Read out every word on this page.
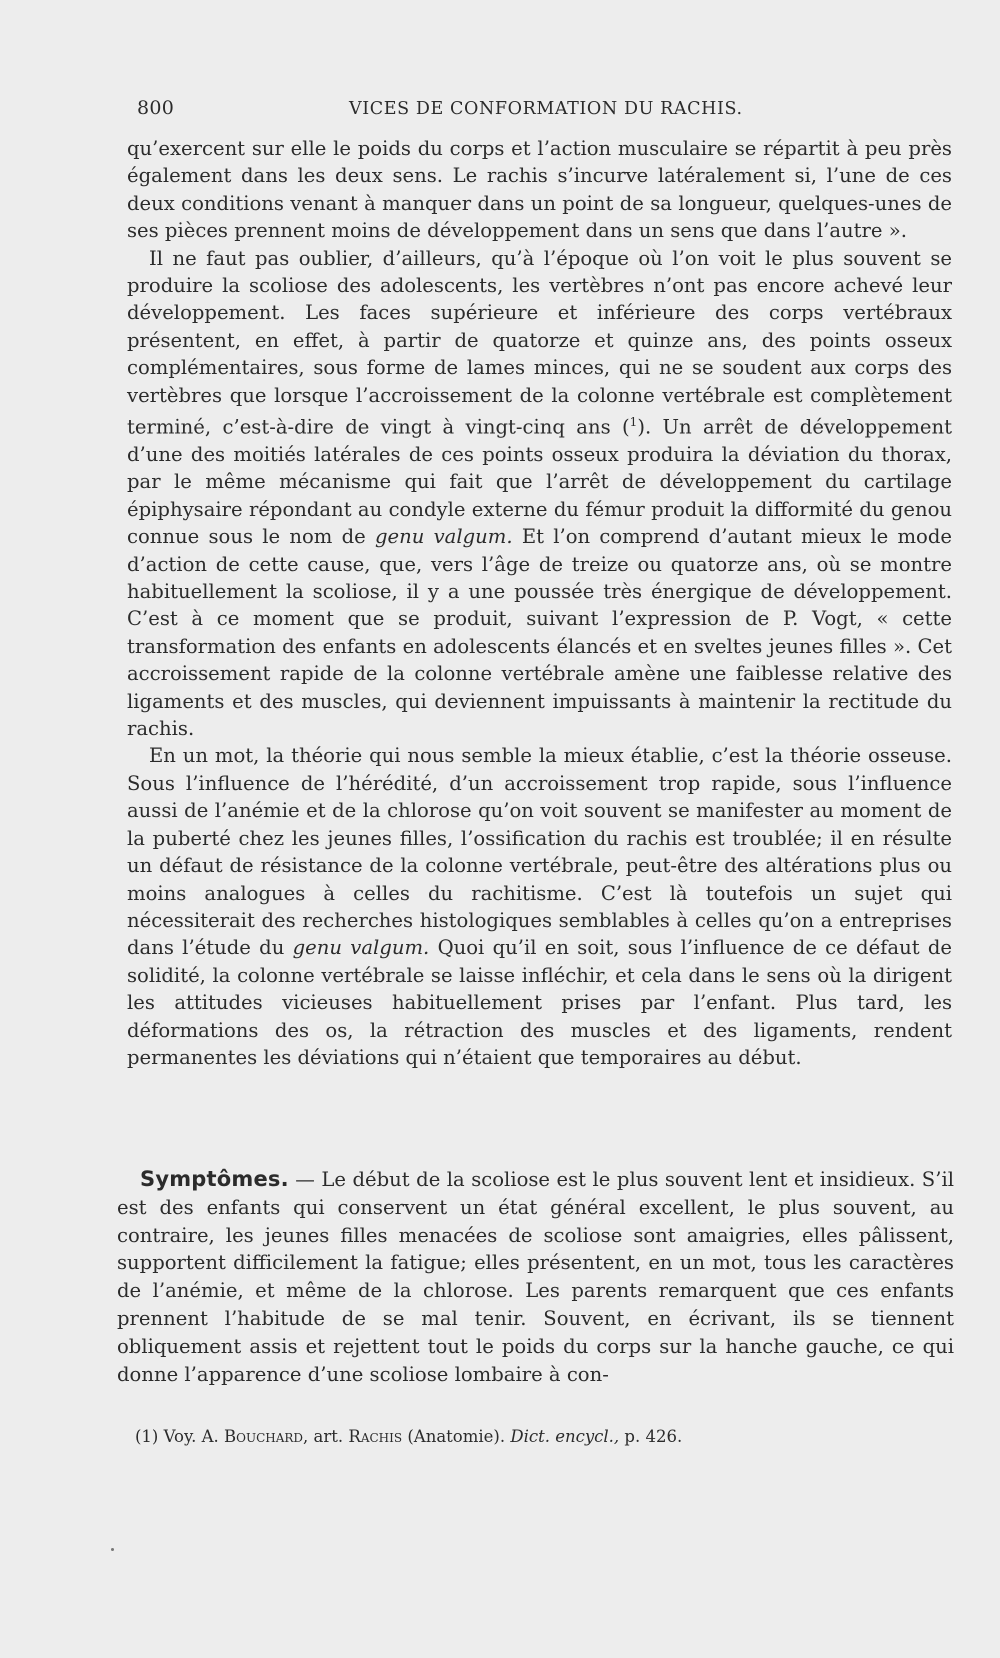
800	VICES DE CONFORMATION DU RACHIS.

qu’exercent sur elle le poids du corps et l’action musculaire se répartit à peu près également dans les deux sens. Le rachis s’incurve latéralement si, l’une de ces deux conditions venant à manquer dans un point de sa longueur, quelques-unes de ses pièces prennent moins de développement dans un sens que dans l’autre ».

Il ne faut pas oublier, d’ailleurs, qu’à l’époque où l’on voit le plus souvent se produire la scoliose des adolescents, les vertèbres n’ont pas encore achevé leur développement. Les faces supérieure et inférieure des corps vertébraux présentent, en effet, à partir de quatorze et quinze ans, des points osseux complémentaires, sous forme de lames minces, qui ne se soudent aux corps des vertèbres que lorsque l’accroissement de la colonne vertébrale est complètement terminé, c’est-à-dire de vingt à vingt-cinq ans ($^1$). Un arrêt de développement d’une des moitiés latérales de ces points osseux produira la déviation du thorax, par le même mécanisme qui fait que l’arrêt de développement du cartilage épiphysaire répondant au condyle externe du fémur produit la difformité du genou connue sous le nom de genu valgum. Et l’on comprend d’autant mieux le mode d’action de cette cause, que, vers l’âge de treize ou quatorze ans, où se montre habituellement la scoliose, il y a une poussée très énergique de développement. C’est à ce moment que se produit, suivant l’expression de P. Vogt, « cette transformation des enfants en adolescents élancés et en sveltes jeunes filles ». Cet accroissement rapide de la colonne vertébrale amène une faiblesse relative des ligaments et des muscles, qui deviennent impuissants à maintenir la rectitude du rachis.

En un mot, la théorie qui nous semble la mieux établie, c’est la théorie osseuse. Sous l’influence de l’hérédité, d’un accroissement trop rapide, sous l’influence aussi de l’anémie et de la chlorose qu’on voit souvent se manifester au moment de la puberté chez les jeunes filles, l’ossification du rachis est troublée; il en résulte un défaut de résistance de la colonne vertébrale, peut-être des altérations plus ou moins analogues à celles du rachitisme. C’est là toutefois un sujet qui nécessiterait des recherches histologiques semblables à celles qu’on a entreprises dans l’étude du genu valgum. Quoi qu’il en soit, sous l’influence de ce défaut de solidité, la colonne vertébrale se laisse infléchir, et cela dans le sens où la dirigent les attitudes vicieuses habituellement prises par l’enfant. Plus tard, les déformations des os, la rétraction des muscles et des ligaments, rendent permanentes les déviations qui n’étaient que temporaires au début.

Symptômes. — Le début de la scoliose est le plus souvent lent et insidieux. S’il est des enfants qui conservent un état général excellent, le plus souvent, au contraire, les jeunes filles menacées de scoliose sont amaigries, elles pâlissent, supportent difficilement la fatigue; elles présentent, en un mot, tous les caractères de l’anémie, et même de la chlorose. Les parents remarquent que ces enfants prennent l’habitude de se mal tenir. Souvent, en écrivant, ils se tiennent obliquement assis et rejettent tout le poids du corps sur la hanche gauche, ce qui donne l’apparence d’une scoliose lombaire à con-

(1) Voy. A. Bouchard, art. Rachis (Anatomie). Dict. encycl., p. 426.
